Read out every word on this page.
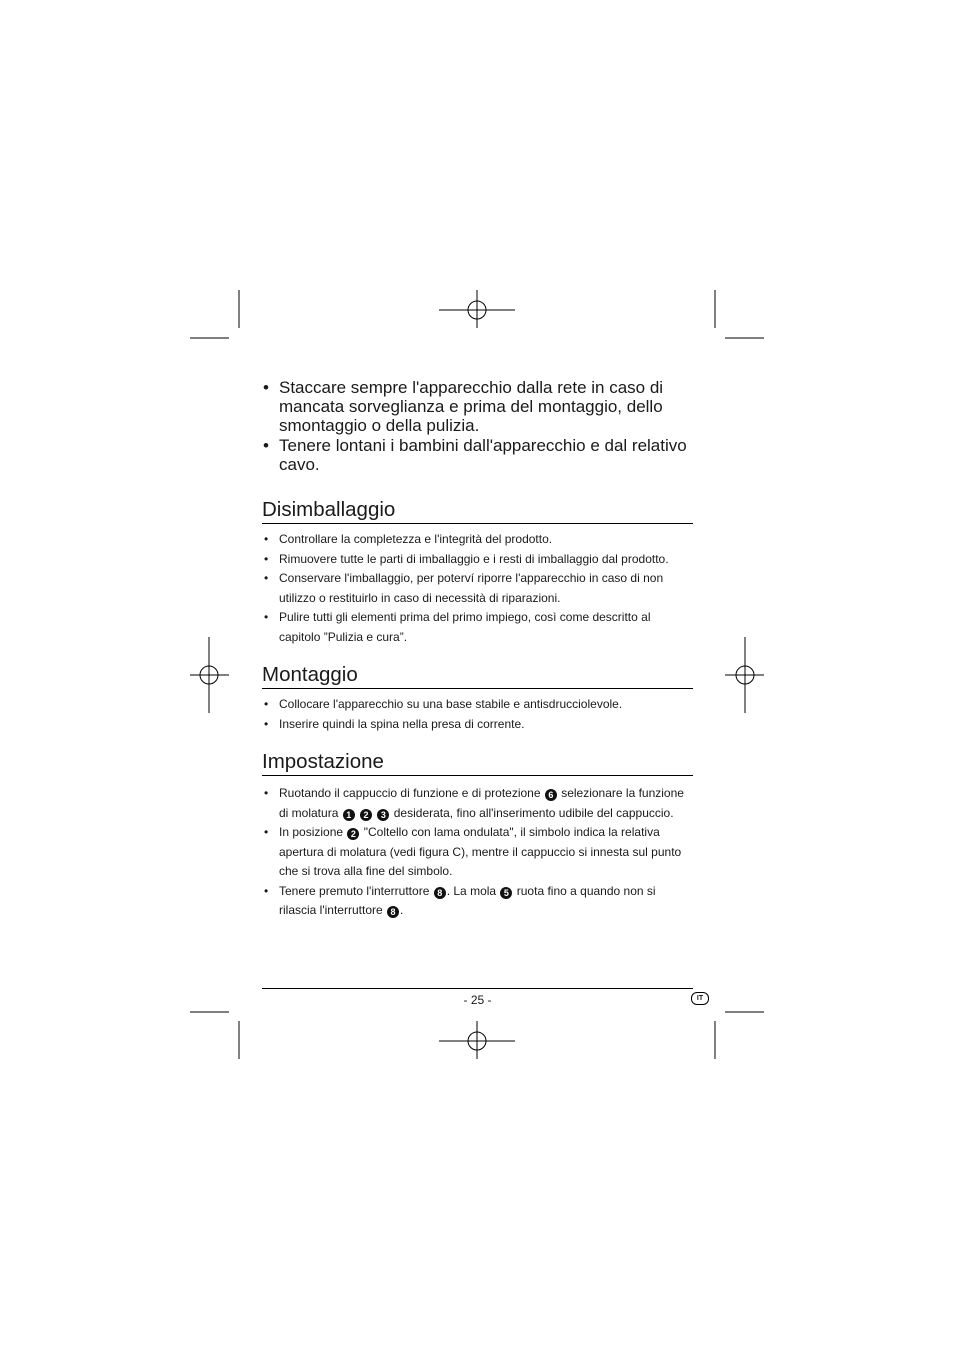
• Staccare sempre l'apparecchio dalla rete in caso di mancata sorveglianza e prima del montaggio, dello smontaggio o della pulizia.
• Tenere lontani i bambini dall'apparecchio e dal relativo cavo.
Disimballaggio
• Controllare la completezza e l'integrità del prodotto.
• Rimuovere tutte le parti di imballaggio e i resti di imballaggio dal prodotto.
• Conservare l'imballaggio, per poterví riporre l'apparecchio in caso di non utilizzo o restituirlo in caso di necessità di riparazioni.
• Pulire tutti gli elementi prima del primo impiego, così come descritto al capitolo ”Pulizia e cura”.
Montaggio
• Collocare l'apparecchio su una base stabile e antisdrucciolevole.
• Inserire quindi la spina nella presa di corrente.
Impostazione
• Ruotando il cappuccio di funzione e di protezione 6 selezionare la funzione di molatura 1 2 3 desiderata, fino all'inserimento udibile del cappuccio.
• In posizione 2 "Coltello con lama ondulata", il simbolo indica la relativa apertura di molatura (vedi figura C), mentre il cappuccio si innesta sul punto che si trova alla fine del simbolo.
• Tenere premuto l'interruttore 8 . La mola 5 ruota fino a quando non si rilascia l'interruttore 8 .
- 25 -	IT
